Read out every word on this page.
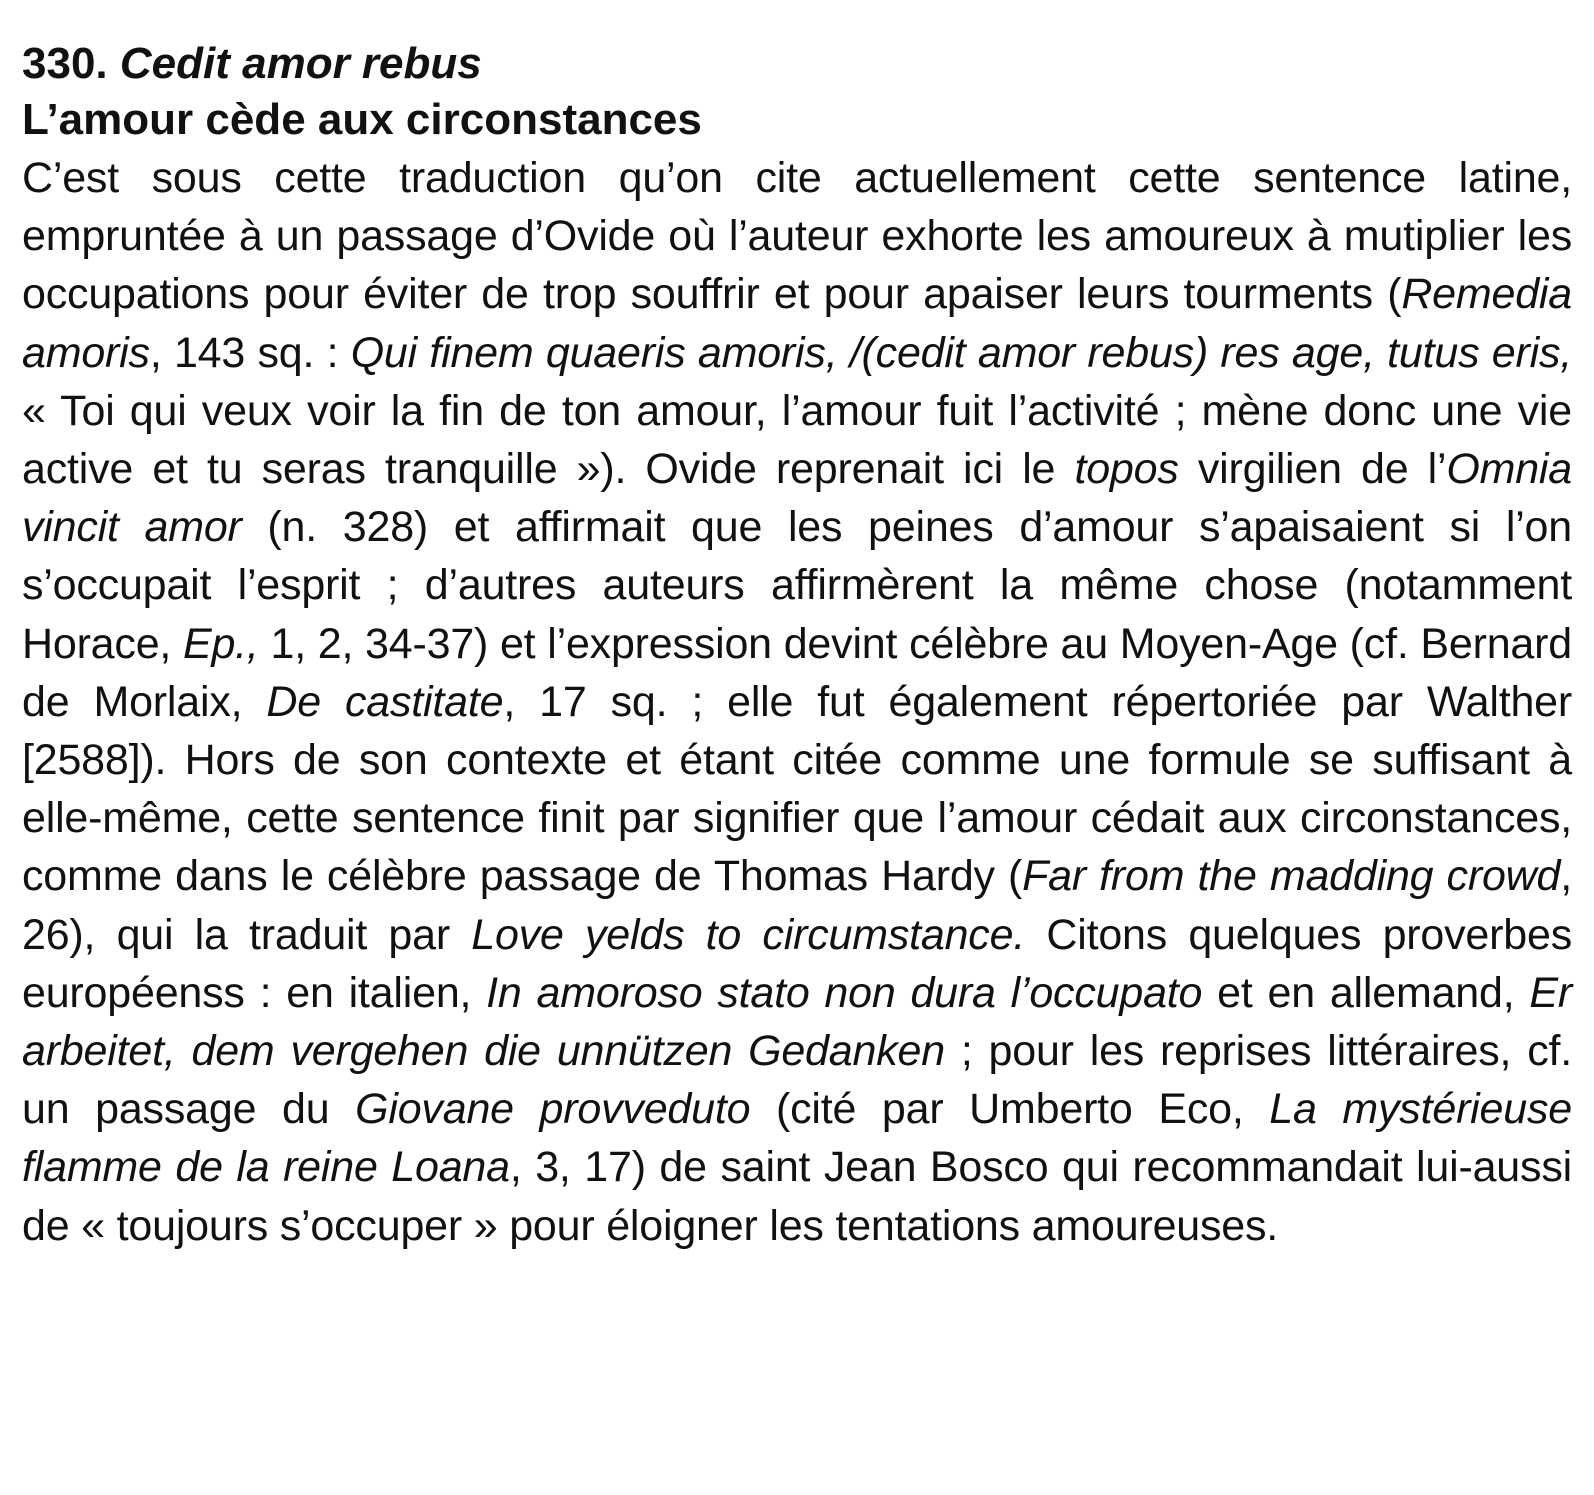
330. Cedit amor rebus
L’amour cède aux circonstances

C’est sous cette traduction qu’on cite actuellement cette sentence latine, empruntée à un passage d’Ovide où l’auteur exhorte les amoureux à mutiplier les occupations pour éviter de trop souffrir et pour apaiser leurs tourments (Remedia amoris, 143 sq. : Qui finem quaeris amoris, /(cedit amor rebus) res age, tutus eris, « Toi qui veux voir la fin de ton amour, l’amour fuit l’activité ; mène donc une vie active et tu seras tranquille »). Ovide reprenait ici le topos virgilien de l’Omnia vincit amor (n. 328) et affirmait que les peines d’amour s’apaisaient si l’on s’occupait l’esprit ; d’autres auteurs affirmèrent la même chose (notamment Horace, Ep., 1, 2, 34-37) et l’expression devint célèbre au Moyen-Age (cf. Bernard de Morlaix, De castitate, 17 sq. ; elle fut également répertoriée par Walther [2588]). Hors de son contexte et étant citée comme une formule se suffisant à elle-même, cette sentence finit par signifier que l’amour cédait aux circonstances, comme dans le célèbre passage de Thomas Hardy (Far from the madding crowd, 26), qui la traduit par Love yelds to circumstance. Citons quelques proverbes européenss : en italien, In amoroso stato non dura l’occupato et en allemand, Er arbeitet, dem vergehen die unnützen Gedanken ; pour les reprises littéraires, cf. un passage du Giovane provveduto (cité par Umberto Eco, La mystérieuse flamme de la reine Loana, 3, 17) de saint Jean Bosco qui recommandait lui-aussi de « toujours s’occuper » pour éloigner les tentations amoureuses.
